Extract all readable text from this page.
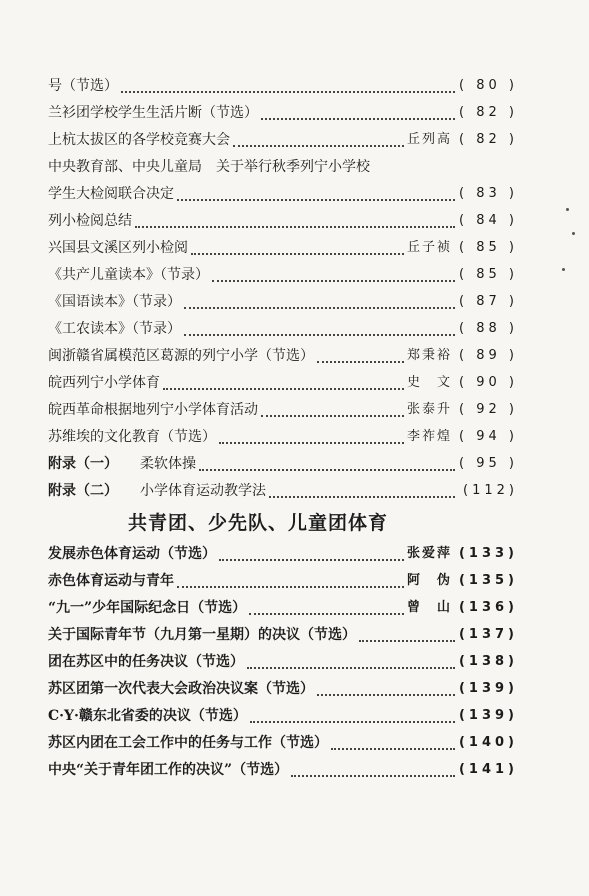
号（节选）	( 80 )
兰衫团学校学生生活片断（节选）	( 82 )
上杭太拔区的各学校竞赛大会	丘列高 ( 82 )
中央教育部、中央儿童局　关于举行秋季列宁小学校
学生大检阅联合决定	( 83 )
列小检阅总结	( 84 )
兴国县文溪区列小检阅	丘子祯 ( 85 )
《共产儿童读本》（节录）	( 85 )
《国语读本》（节录）	( 87 )
《工农读本》（节录）	( 88 )
闽浙赣省属模范区葛源的列宁小学（节选）	郑秉裕 ( 89 )
皖西列宁小学体育	史　文 ( 90 )
皖西革命根据地列宁小学体育活动	张泰升 ( 92 )
苏维埃的文化教育（节选）	李祚煌 ( 94 )
附录（一） 柔软体操	( 95 )
附录（二） 小学体育运动教学法	(112)
共青团、少先队、儿童团体育
发展赤色体育运动（节选）	张爱萍 (133)
赤色体育运动与青年	阿　伪 (135)
“九一”少年国际纪念日（节选）	曾　山 (136)
关于国际青年节（九月第一星期）的决议（节选）	(137)
团在苏区中的任务决议（节选）	(138)
苏区团第一次代表大会政治决议案（节选）	(139)
C·Y·赣东北省委的决议（节选）	(139)
苏区内团在工会工作中的任务与工作（节选）	(140)
中央“关于青年团工作的决议”（节选）	(141)
